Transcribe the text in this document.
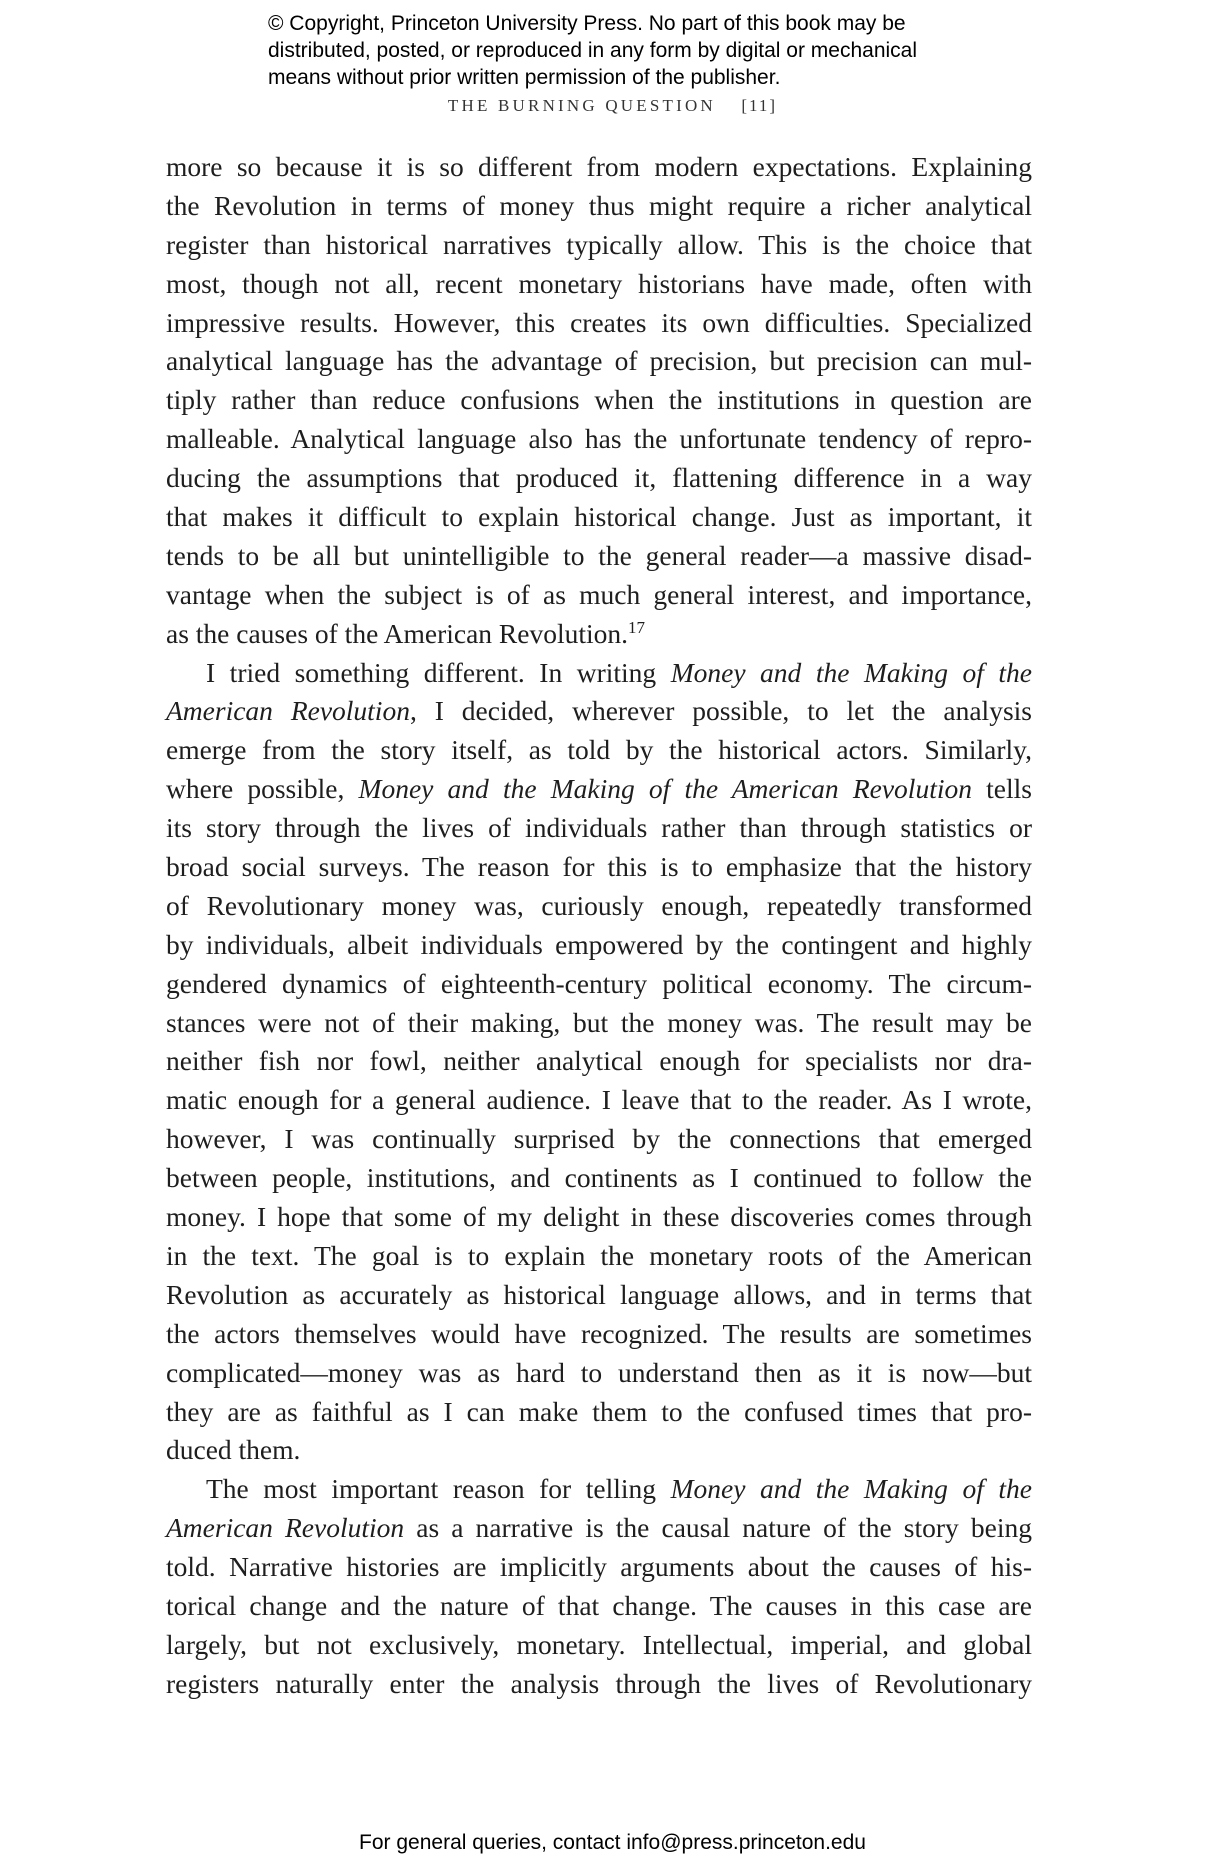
© Copyright, Princeton University Press. No part of this book may be
distributed, posted, or reproduced in any form by digital or mechanical
means without prior written permission of the publisher.
THE BURNING QUESTION [11]
more so because it is so different from modern expectations. Explaining
the Revolution in terms of money thus might require a richer analytical
register than historical narratives typically allow. This is the choice that
most, though not all, recent monetary historians have made, often with
impressive results. However, this creates its own difficulties. Specialized
analytical language has the advantage of precision, but precision can mul-
tiply rather than reduce confusions when the institutions in question are
malleable. Analytical language also has the unfortunate tendency of repro-
ducing the assumptions that produced it, flattening difference in a way
that makes it difficult to explain historical change. Just as important, it
tends to be all but unintelligible to the general reader—a massive disad-
vantage when the subject is of as much general interest, and importance,
as the causes of the American Revolution.$^{17}$
I tried something different. In writing Money and the Making of the
American Revolution, I decided, wherever possible, to let the analysis
emerge from the story itself, as told by the historical actors. Similarly,
where possible, Money and the Making of the American Revolution tells
its story through the lives of individuals rather than through statistics or
broad social surveys. The reason for this is to emphasize that the history
of Revolutionary money was, curiously enough, repeatedly transformed
by individuals, albeit individuals empowered by the contingent and highly
gendered dynamics of eighteenth-century political economy. The circum-
stances were not of their making, but the money was. The result may be
neither fish nor fowl, neither analytical enough for specialists nor dra-
matic enough for a general audience. I leave that to the reader. As I wrote,
however, I was continually surprised by the connections that emerged
between people, institutions, and continents as I continued to follow the
money. I hope that some of my delight in these discoveries comes through
in the text. The goal is to explain the monetary roots of the American
Revolution as accurately as historical language allows, and in terms that
the actors themselves would have recognized. The results are sometimes
complicated—money was as hard to understand then as it is now—but
they are as faithful as I can make them to the confused times that pro-
duced them.
The most important reason for telling Money and the Making of the
American Revolution as a narrative is the causal nature of the story being
told. Narrative histories are implicitly arguments about the causes of his-
torical change and the nature of that change. The causes in this case are
largely, but not exclusively, monetary. Intellectual, imperial, and global
registers naturally enter the analysis through the lives of Revolutionary
For general queries, contact info@press.princeton.edu
